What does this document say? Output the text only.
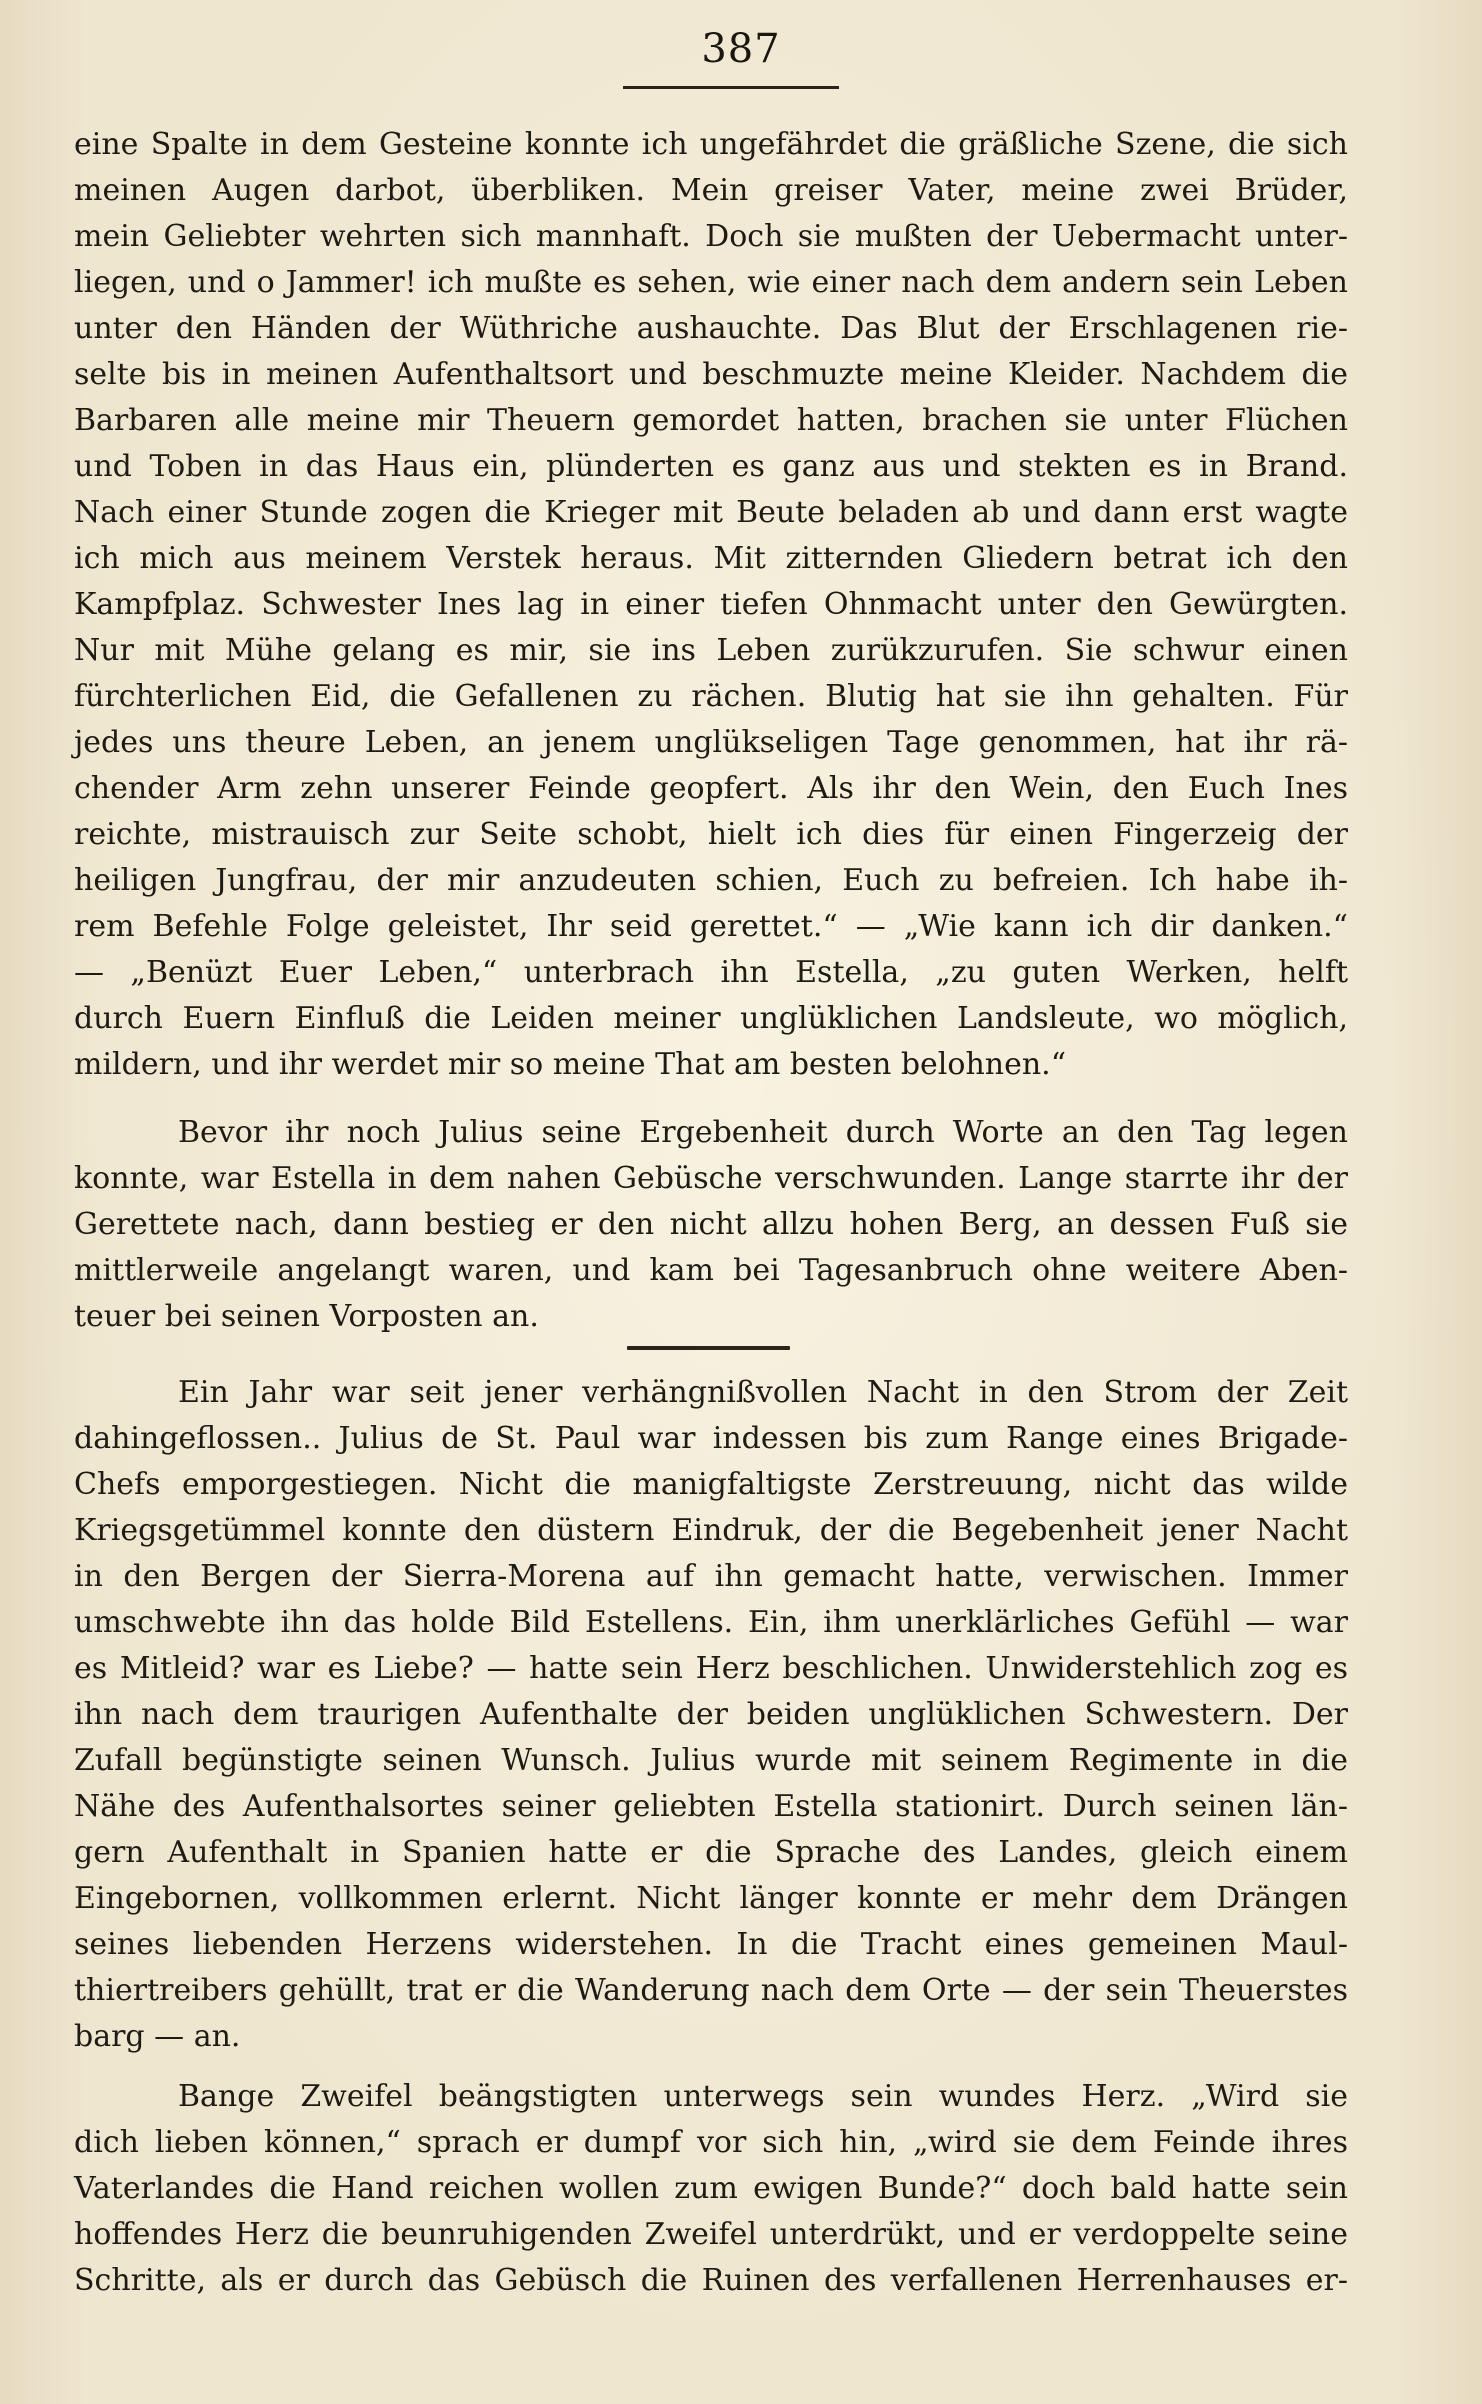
387
eine Spalte in dem Gesteine konnte ich ungefährdet die gräßliche Szene, die sich
meinen Augen darbot, überbliken. Mein greiser Vater, meine zwei Brüder,
mein Geliebter wehrten sich mannhaft. Doch sie mußten der Uebermacht unter-
liegen, und o Jammer! ich mußte es sehen, wie einer nach dem andern sein Leben
unter den Händen der Wüthriche aushauchte. Das Blut der Erschlagenen rie-
selte bis in meinen Aufenthaltsort und beschmuzte meine Kleider. Nachdem die
Barbaren alle meine mir Theuern gemordet hatten, brachen sie unter Flüchen
und Toben in das Haus ein, plünderten es ganz aus und stekten es in Brand.
Nach einer Stunde zogen die Krieger mit Beute beladen ab und dann erst wagte
ich mich aus meinem Verstek heraus. Mit zitternden Gliedern betrat ich den
Kampfplaz. Schwester Ines lag in einer tiefen Ohnmacht unter den Gewürgten.
Nur mit Mühe gelang es mir, sie ins Leben zurükzurufen. Sie schwur einen
fürchterlichen Eid, die Gefallenen zu rächen. Blutig hat sie ihn gehalten. Für
jedes uns theure Leben, an jenem unglükseligen Tage genommen, hat ihr rä-
chender Arm zehn unserer Feinde geopfert. Als ihr den Wein, den Euch Ines
reichte, mistrauisch zur Seite schobt, hielt ich dies für einen Fingerzeig der
heiligen Jungfrau, der mir anzudeuten schien, Euch zu befreien. Ich habe ih-
rem Befehle Folge geleistet, Ihr seid gerettet.“ — „Wie kann ich dir danken.“
— „Benüzt Euer Leben,“ unterbrach ihn Estella, „zu guten Werken, helft
durch Euern Einfluß die Leiden meiner unglüklichen Landsleute, wo möglich,
mildern, und ihr werdet mir so meine That am besten belohnen.“
Bevor ihr noch Julius seine Ergebenheit durch Worte an den Tag legen
konnte, war Estella in dem nahen Gebüsche verschwunden. Lange starrte ihr der
Gerettete nach, dann bestieg er den nicht allzu hohen Berg, an dessen Fuß sie
mittlerweile angelangt waren, und kam bei Tagesanbruch ohne weitere Aben-
teuer bei seinen Vorposten an.
Ein Jahr war seit jener verhängnißvollen Nacht in den Strom der Zeit
dahingeflossen.. Julius de St. Paul war indessen bis zum Range eines Brigade-
Chefs emporgestiegen. Nicht die manigfaltigste Zerstreuung, nicht das wilde
Kriegsgetümmel konnte den düstern Eindruk, der die Begebenheit jener Nacht
in den Bergen der Sierra-Morena auf ihn gemacht hatte, verwischen. Immer
umschwebte ihn das holde Bild Estellens. Ein, ihm unerklärliches Gefühl — war
es Mitleid? war es Liebe? — hatte sein Herz beschlichen. Unwiderstehlich zog es
ihn nach dem traurigen Aufenthalte der beiden unglüklichen Schwestern. Der
Zufall begünstigte seinen Wunsch. Julius wurde mit seinem Regimente in die
Nähe des Aufenthalsortes seiner geliebten Estella stationirt. Durch seinen län-
gern Aufenthalt in Spanien hatte er die Sprache des Landes, gleich einem
Eingebornen, vollkommen erlernt. Nicht länger konnte er mehr dem Drängen
seines liebenden Herzens widerstehen. In die Tracht eines gemeinen Maul-
thiertreibers gehüllt, trat er die Wanderung nach dem Orte — der sein Theuerstes
barg — an.
Bange Zweifel beängstigten unterwegs sein wundes Herz. „Wird sie
dich lieben können,“ sprach er dumpf vor sich hin, „wird sie dem Feinde ihres
Vaterlandes die Hand reichen wollen zum ewigen Bunde?“ doch bald hatte sein
hoffendes Herz die beunruhigenden Zweifel unterdrükt, und er verdoppelte seine
Schritte, als er durch das Gebüsch die Ruinen des verfallenen Herrenhauses er-
